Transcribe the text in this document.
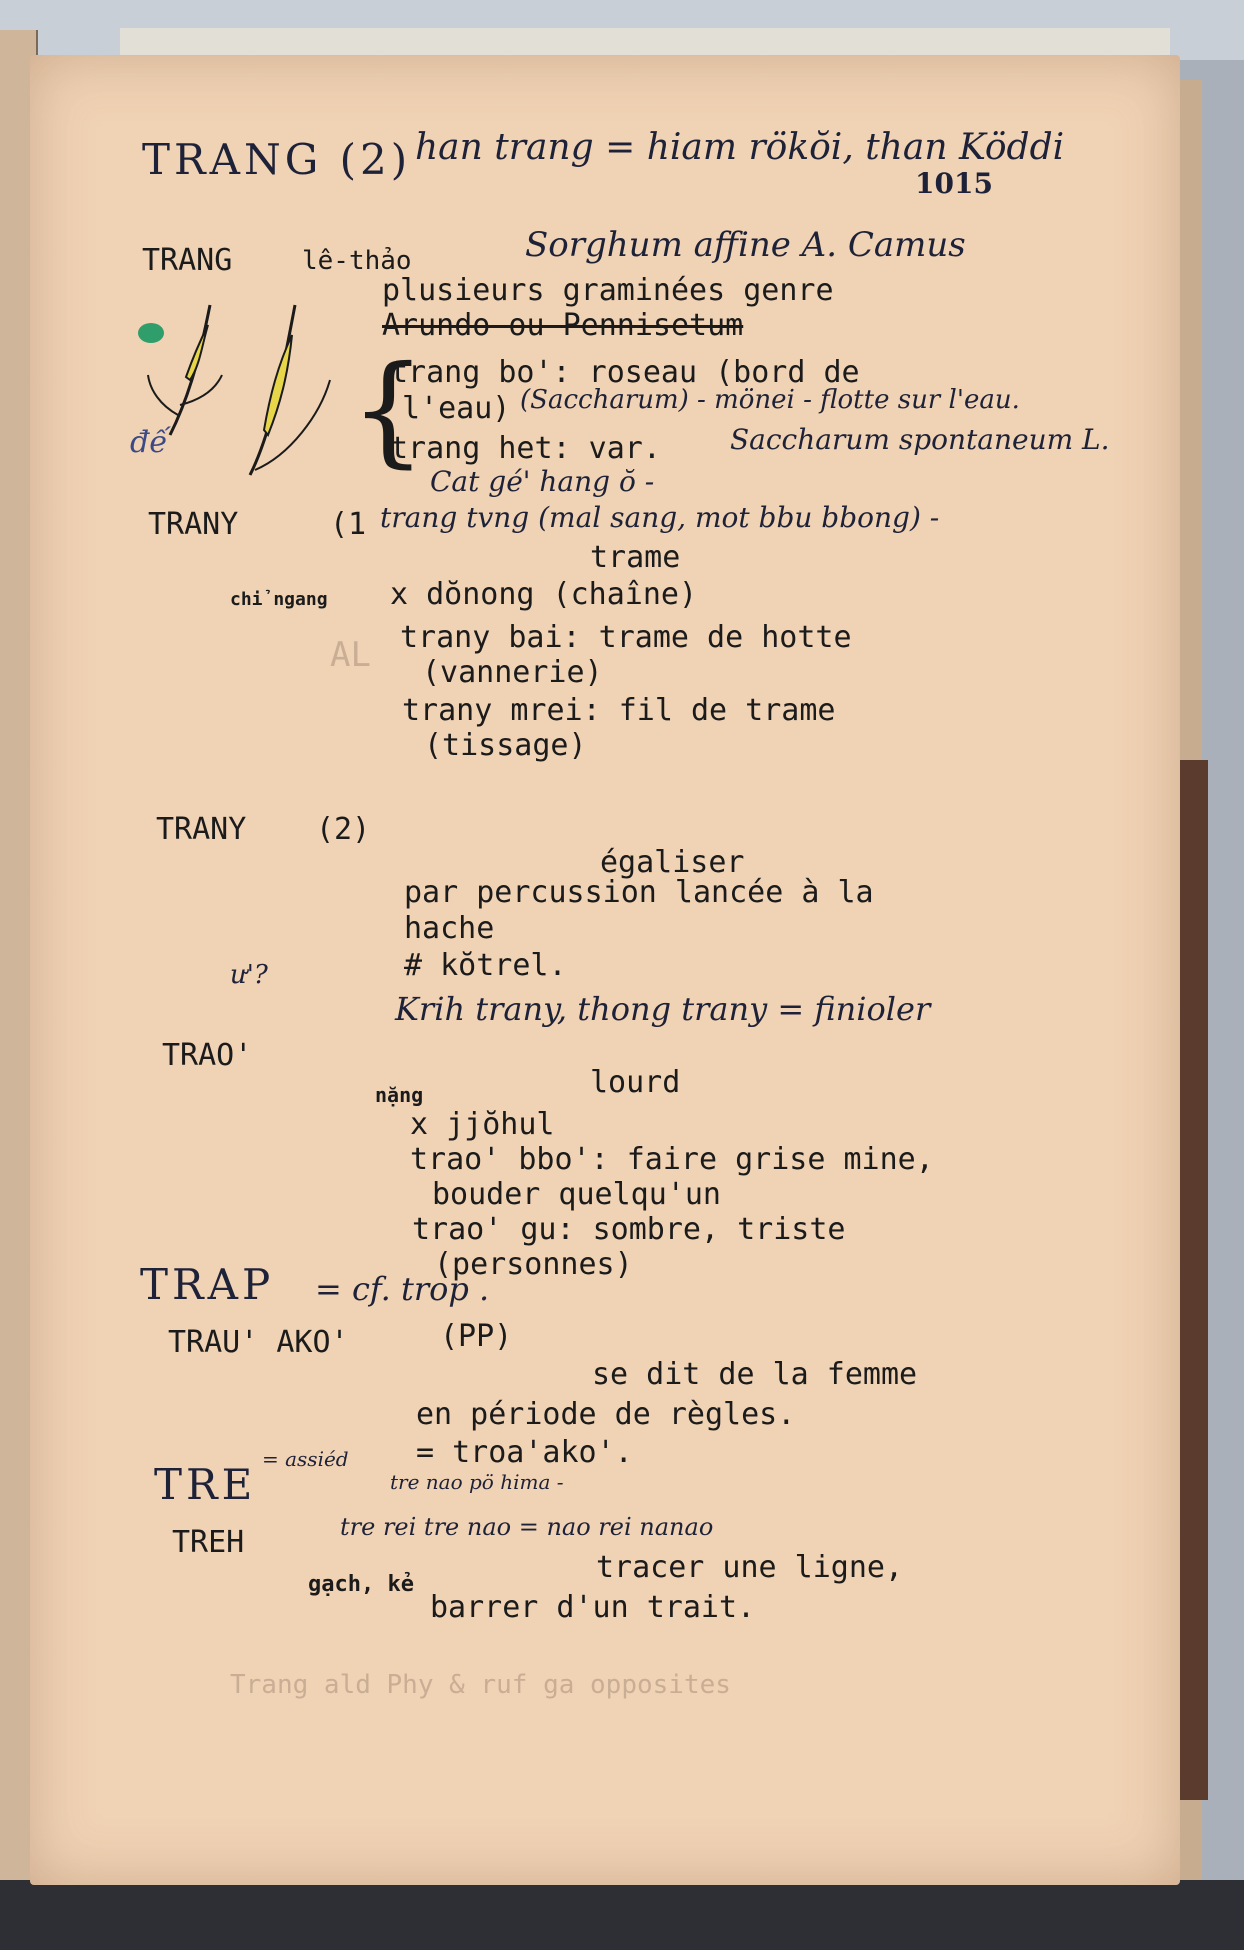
Trang ald Phy & ruf ga opposites
AL
TRANG (2) han trang = hiam rökŏi, than Köddi
1015
TRANG	lê-thảo	Sorghum affine A. Camus
plusieurs graminées genre
Arundo ou Pennisetum
đế {
trang bo': roseau (bord de
l'eau) (Saccharum) - mönei - flotte sur l'eau.
trang het: var. Saccharum spontaneum L.
Cat gé' hang ŏ -
TRANY	(1 trang tvng (mal sang, mot bbu bbong) -
trame
chỉ ngang x dŏnong (chaîne)
trany bai: trame de hotte
(vannerie)
trany mrei: fil de trame
(tissage)
TRANY (2)
égaliser
par percussion lancée à la
hache
# kŏtrel.
Krih trany, thong trany = finioler
ư'?
TRAO'
nặng	lourd
x jjŏhul
trao' bbo': faire grise mine,
bouder quelqu'un
trao' gu: sombre, triste
(personnes)
TRAP = cf. trop .
TRAU' AKO'	(PP)
se dit de la femme
en période de règles.
= troa'ako'.
TRE
= assiéd
tre nao pö hima -
TREH	tre rei tre nao = nao rei nanao
gạch, kẻ	tracer une ligne,
barrer d'un trait.
